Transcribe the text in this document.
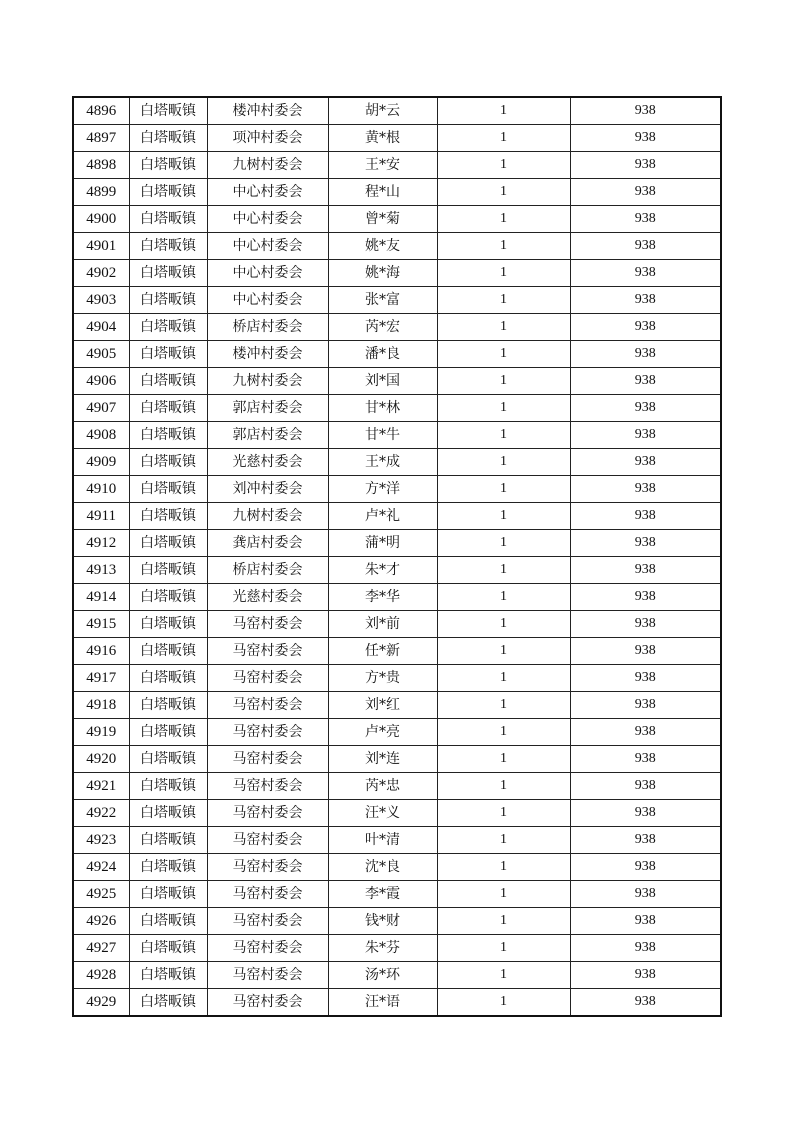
4896	白塔畈镇	楼冲村委会	胡*云	1	938
4897	白塔畈镇	项冲村委会	黄*根	1	938
4898	白塔畈镇	九树村委会	王*安	1	938
4899	白塔畈镇	中心村委会	程*山	1	938
4900	白塔畈镇	中心村委会	曾*菊	1	938
4901	白塔畈镇	中心村委会	姚*友	1	938
4902	白塔畈镇	中心村委会	姚*海	1	938
4903	白塔畈镇	中心村委会	张*富	1	938
4904	白塔畈镇	桥店村委会	芮*宏	1	938
4905	白塔畈镇	楼冲村委会	潘*良	1	938
4906	白塔畈镇	九树村委会	刘*国	1	938
4907	白塔畈镇	郭店村委会	甘*林	1	938
4908	白塔畈镇	郭店村委会	甘*牛	1	938
4909	白塔畈镇	光慈村委会	王*成	1	938
4910	白塔畈镇	刘冲村委会	方*洋	1	938
4911	白塔畈镇	九树村委会	卢*礼	1	938
4912	白塔畈镇	龚店村委会	蒲*明	1	938
4913	白塔畈镇	桥店村委会	朱*才	1	938
4914	白塔畈镇	光慈村委会	李*华	1	938
4915	白塔畈镇	马窑村委会	刘*前	1	938
4916	白塔畈镇	马窑村委会	任*新	1	938
4917	白塔畈镇	马窑村委会	方*贵	1	938
4918	白塔畈镇	马窑村委会	刘*红	1	938
4919	白塔畈镇	马窑村委会	卢*亮	1	938
4920	白塔畈镇	马窑村委会	刘*连	1	938
4921	白塔畈镇	马窑村委会	芮*忠	1	938
4922	白塔畈镇	马窑村委会	汪*义	1	938
4923	白塔畈镇	马窑村委会	叶*清	1	938
4924	白塔畈镇	马窑村委会	沈*良	1	938
4925	白塔畈镇	马窑村委会	李*霞	1	938
4926	白塔畈镇	马窑村委会	钱*财	1	938
4927	白塔畈镇	马窑村委会	朱*芬	1	938
4928	白塔畈镇	马窑村委会	汤*环	1	938
4929	白塔畈镇	马窑村委会	汪*语	1	938
